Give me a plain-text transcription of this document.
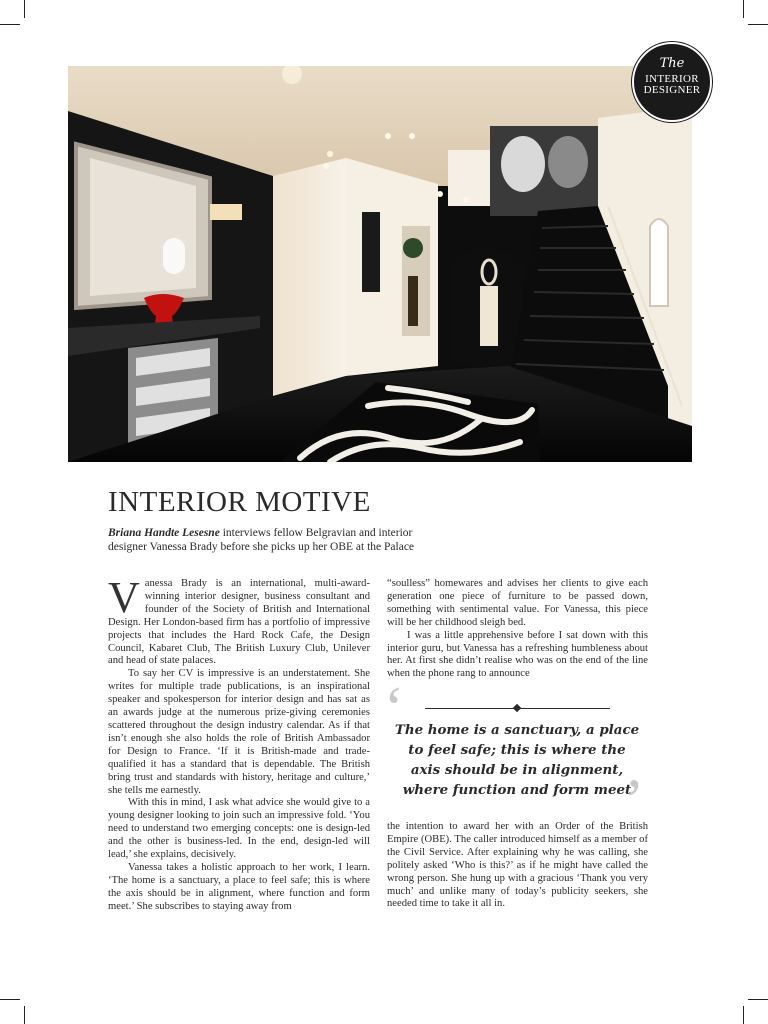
The
INTERIOR
DESIGNER
INTERIOR MOTIVE

Briana Handte Lesesne interviews fellow Belgravian and interior designer Vanessa Brady before she picks up her OBE at the Palace

Vanessa Brady is an international, multi-award-winning interior designer, business consultant and founder of the Society of British and International Design. Her London-based firm has a portfolio of impressive projects that includes the Hard Rock Cafe, the Design Council, Kabaret Club, The British Luxury Club, Unilever and head of state palaces.

To say her CV is impressive is an understatement. She writes for multiple trade publications, is an inspirational speaker and spokesperson for interior design and has sat as an awards judge at the numerous prize-giving ceremonies scattered throughout the design industry calendar. As if that isn’t enough she also holds the role of British Ambassador for Design to France. ‘If it is British-made and trade-qualified it has a standard that is dependable. The British bring trust and standards with history, heritage and culture,’ she tells me earnestly.

With this in mind, I ask what advice she would give to a young designer looking to join such an impressive fold. ‘You need to understand two emerging concepts: one is design-led and the other is business-led. In the end, design-led will lead,’ she explains, decisively.

Vanessa takes a holistic approach to her work, I learn. ‘The home is a sanctuary, a place to feel safe; this is where the axis should be in alignment, where function and form meet.’ She subscribes to staying away from

“soulless” homewares and advises her clients to give each generation one piece of furniture to be passed down, something with sentimental value. For Vanessa, this piece will be her childhood sleigh bed.

I was a little apprehensive before I sat down with this interior guru, but Vanessa has a refreshing humbleness about her. At first she didn’t realise who was on the end of the line when the phone rang to announce

‘

The home is a sanctuary, a place to feel safe; this is where the axis should be in alignment, where function and form meet

’

the intention to award her with an Order of the British Empire (OBE). The caller introduced himself as a member of the Civil Service. After explaining why he was calling, she politely asked ‘Who is this?’ as if he might have called the wrong person. She hung up with a gracious ‘Thank you very much’ and unlike many of today’s publicity seekers, she needed time to take it all in.
